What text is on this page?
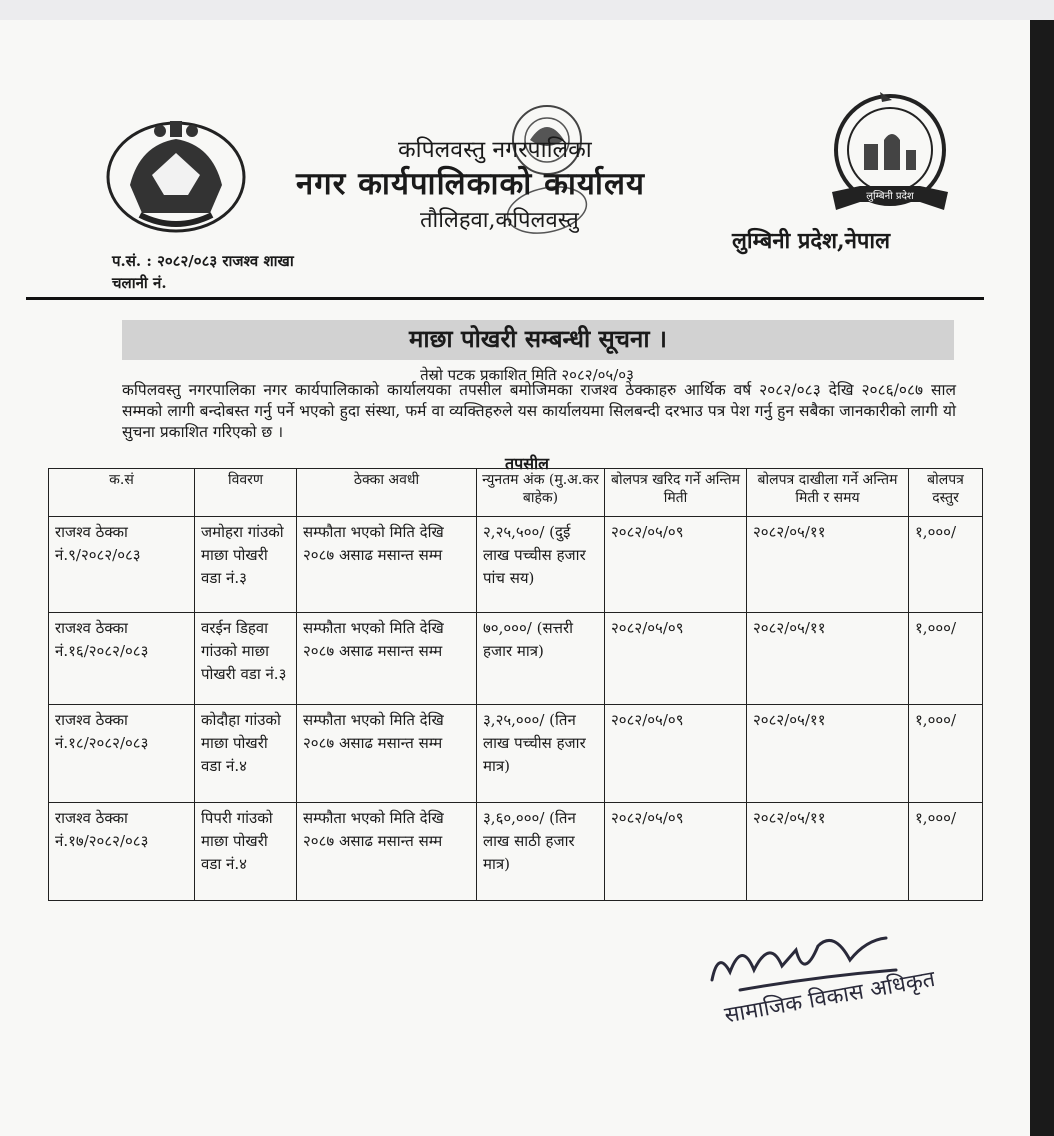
लुम्बिनी प्रदेश
कपिलवस्तु नगरपालिका
नगर कार्यपालिकाको कार्यालय
तौलिहवा,कपिलवस्तु
लुम्बिनी प्रदेश,नेपाल
प.सं. : २०८२/०८३ राजश्व शाखा
चलानी नं.
माछा पोखरी सम्बन्धी सूचना ।
तेस्रो पटक प्रकाशित मिति २०८२/०५/०३
कपिलवस्तु नगरपालिका नगर कार्यपालिकाको कार्यालयका तपसील बमोजिमका राजश्व ठेक्काहरु आर्थिक वर्ष २०८२/०८३ देखि २०८६/०८७ साल सम्मको लागी बन्दोबस्त गर्नु पर्ने भएको हुदा संस्था, फर्म वा व्यक्तिहरुले यस कार्यालयमा सिलबन्दी दरभाउ पत्र पेश गर्नु हुन सबैका जानकारीको लागी यो सुचना प्रकाशित गरिएको छ ।
तपसील
क.सं	विवरण	ठेक्का अवधी	न्युनतम अंक (मु.अ.कर बाहेक)	बोलपत्र खरिद गर्ने अन्तिम मिती	बोलपत्र दाखीला गर्ने अन्तिम मिती र समय	बोलपत्र दस्तुर
राजश्व ठेक्का नं.९/२०८२/०८३	जमोहरा गांउको माछा पोखरी वडा नं.३	सम्फौता भएको मिति देखि २०८७ असाढ मसान्त सम्म	२,२५,५००/ (दुई लाख पच्चीस हजार पांच सय)	२०८२/०५/०९	२०८२/०५/११	१,०००/
राजश्व ठेक्का नं.१६/२०८२/०८३	वरईन डिहवा गांउको माछा पोखरी वडा नं.३	सम्फौता भएको मिति देखि २०८७ असाढ मसान्त सम्म	७०,०००/ (सत्तरी हजार मात्र)	२०८२/०५/०९	२०८२/०५/११	१,०००/
राजश्व ठेक्का नं.१८/२०८२/०८३	कोदौहा गांउको माछा पोखरी वडा नं.४	सम्फौता भएको मिति देखि २०८७ असाढ मसान्त सम्म	३,२५,०००/ (तिन लाख पच्चीस हजार मात्र)	२०८२/०५/०९	२०८२/०५/११	१,०००/
राजश्व ठेक्का नं.१७/२०८२/०८३	पिपरी गांउको माछा पोखरी वडा नं.४	सम्फौता भएको मिति देखि २०८७ असाढ मसान्त सम्म	३,६०,०००/ (तिन लाख साठी हजार मात्र)	२०८२/०५/०९	२०८२/०५/११	१,०००/
सामाजिक विकास अधिकृत
